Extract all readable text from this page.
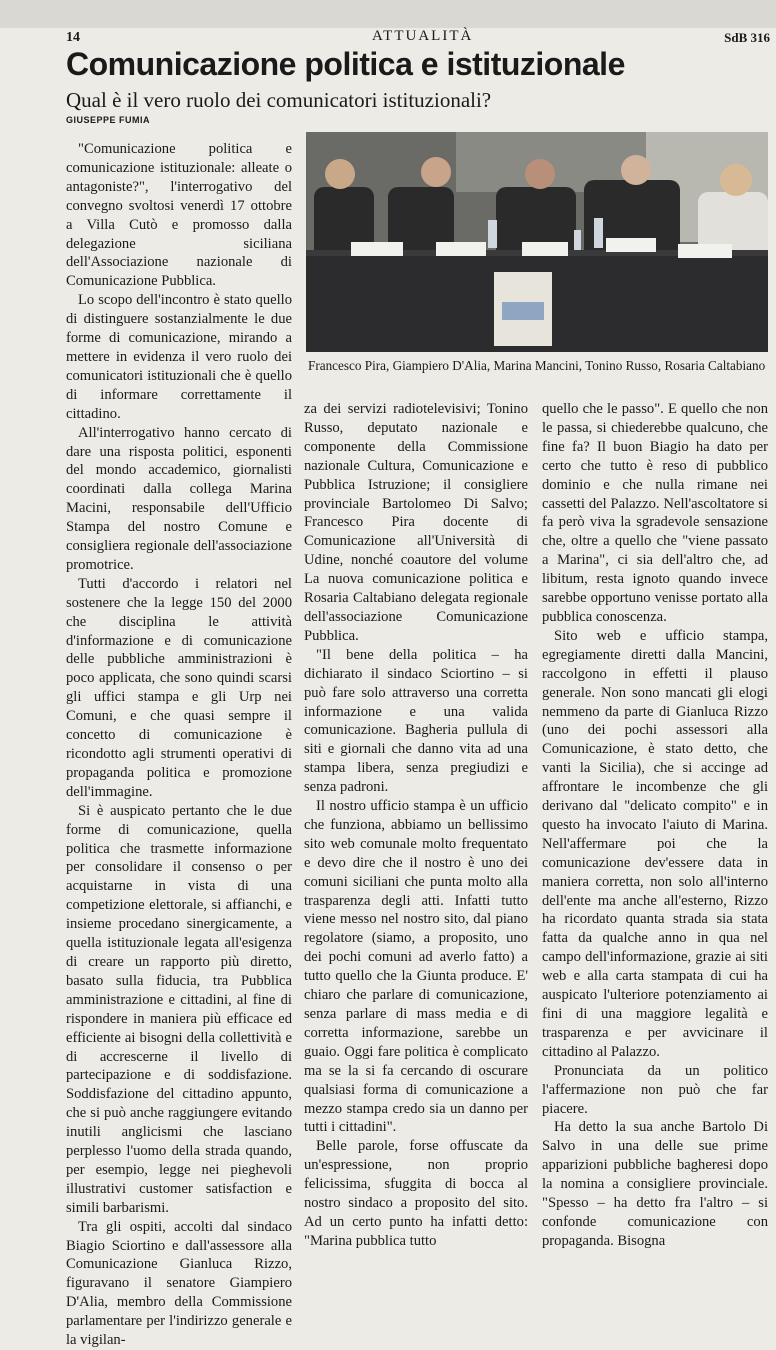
14	ATTUALITÀ	SdB 316
Comunicazione politica e istituzionale
Qual è il vero ruolo dei comunicatori istituzionali?
GIUSEPPE FUMIA

"Comunicazione politica e comunicazione istituzionale: alleate o antagoniste?", l'interrogativo del convegno svoltosi venerdì 17 ottobre a Villa Cutò e promosso dalla delegazione siciliana dell'Associazione nazionale di Comunicazione Pubblica.

Lo scopo dell'incontro è stato quello di distinguere sostanzialmente le due forme di comunicazione, mirando a mettere in evidenza il vero ruolo dei comunicatori istituzionali che è quello di informare correttamente il cittadino.

All'interrogativo hanno cercato di dare una risposta politici, esponenti del mondo accademico, giornalisti coordinati dalla collega Marina Macini, responsabile dell'Ufficio Stampa del nostro Comune e consigliera regionale dell'associazione promotrice.

Tutti d'accordo i relatori nel sostenere che la legge 150 del 2000 che disciplina le attività d'informazione e di comunicazione delle pubbliche amministrazioni è poco applicata, che sono quindi scarsi gli uffici stampa e gli Urp nei Comuni, e che quasi sempre il concetto di comunicazione è ricondotto agli strumenti operativi di propaganda politica e promozione dell'immagine.

Si è auspicato pertanto che le due forme di comunicazione, quella politica che trasmette informazione per consolidare il consenso o per acquistarne in vista di una competizione elettorale, si affianchi, e insieme procedano sinergicamente, a quella istituzionale legata all'esigenza di creare un rapporto più diretto, basato sulla fiducia, tra Pubblica amministrazione e cittadini, al fine di rispondere in maniera più efficace ed efficiente ai bisogni della collettività e di accrescerne il livello di partecipazione e di soddisfazione. Soddisfazione del cittadino appunto, che si può anche raggiungere evitando inutili anglicismi che lasciano perplesso l'uomo della strada quando, per esempio, legge nei pieghevoli illustrativi customer satisfaction e simili barbarismi.

Tra gli ospiti, accolti dal sindaco Biagio Sciortino e dall'assessore alla Comunicazione Gianluca Rizzo, figuravano il senatore Giampiero D'Alia, membro della Commissione parlamentare per l'indirizzo generale e la vigilan-

Francesco Pira, Giampiero D'Alia, Marina Mancini, Tonino Russo, Rosaria Caltabiano

za dei servizi radiotelevisivi; Tonino Russo, deputato nazionale e componente della Commissione nazionale Cultura, Comunicazione e Pubblica Istruzione; il consigliere provinciale Bartolomeo Di Salvo; Francesco Pira docente di Comunicazione all'Università di Udine, nonché coautore del volume La nuova comunicazione politica e Rosaria Caltabiano delegata regionale dell'associazione Comunicazione Pubblica.

"Il bene della politica – ha dichiarato il sindaco Sciortino – si può fare solo attraverso una corretta informazione e una valida comunicazione. Bagheria pullula di siti e giornali che danno vita ad una stampa libera, senza pregiudizi e senza padroni.

Il nostro ufficio stampa è un ufficio che funziona, abbiamo un bellissimo sito web comunale molto frequentato e devo dire che il nostro è uno dei comuni siciliani che punta molto alla trasparenza degli atti. Infatti tutto viene messo nel nostro sito, dal piano regolatore (siamo, a proposito, uno dei pochi comuni ad averlo fatto) a tutto quello che la Giunta produce. E' chiaro che parlare di comunicazione, senza parlare di mass media e di corretta informazione, sarebbe un guaio. Oggi fare politica è complicato ma se la si fa cercando di oscurare qualsiasi forma di comunicazione a mezzo stampa credo sia un danno per tutti i cittadini".

Belle parole, forse offuscate da un'espressione, non proprio felicissima, sfuggita di bocca al nostro sindaco a proposito del sito. Ad un certo punto ha infatti detto: "Marina pubblica tutto

quello che le passo". E quello che non le passa, si chiederebbe qualcuno, che fine fa? Il buon Biagio ha dato per certo che tutto è reso di pubblico dominio e che nulla rimane nei cassetti del Palazzo. Nell'ascoltatore si fa però viva la sgradevole sensazione che, oltre a quello che "viene passato a Marina", ci sia dell'altro che, ad libitum, resta ignoto quando invece sarebbe opportuno venisse portato alla pubblica conoscenza.

Sito web e ufficio stampa, egregiamente diretti dalla Mancini, raccolgono in effetti il plauso generale. Non sono mancati gli elogi nemmeno da parte di Gianluca Rizzo (uno dei pochi assessori alla Comunicazione, è stato detto, che vanti la Sicilia), che si accinge ad affrontare le incombenze che gli derivano dal "delicato compito" e in questo ha invocato l'aiuto di Marina. Nell'affermare poi che la comunicazione dev'essere data in maniera corretta, non solo all'interno dell'ente ma anche all'esterno, Rizzo ha ricordato quanta strada sia stata fatta da qualche anno in qua nel campo dell'informazione, grazie ai siti web e alla carta stampata di cui ha auspicato l'ulteriore potenziamento ai fini di una maggiore legalità e trasparenza e per avvicinare il cittadino al Palazzo.

Pronunciata da un politico l'affermazione non può che far piacere.

Ha detto la sua anche Bartolo Di Salvo in una delle sue prime apparizioni pubbliche bagheresi dopo la nomina a consigliere provinciale. "Spesso – ha detto fra l'altro – si confonde comunicazione con propaganda. Bisogna
